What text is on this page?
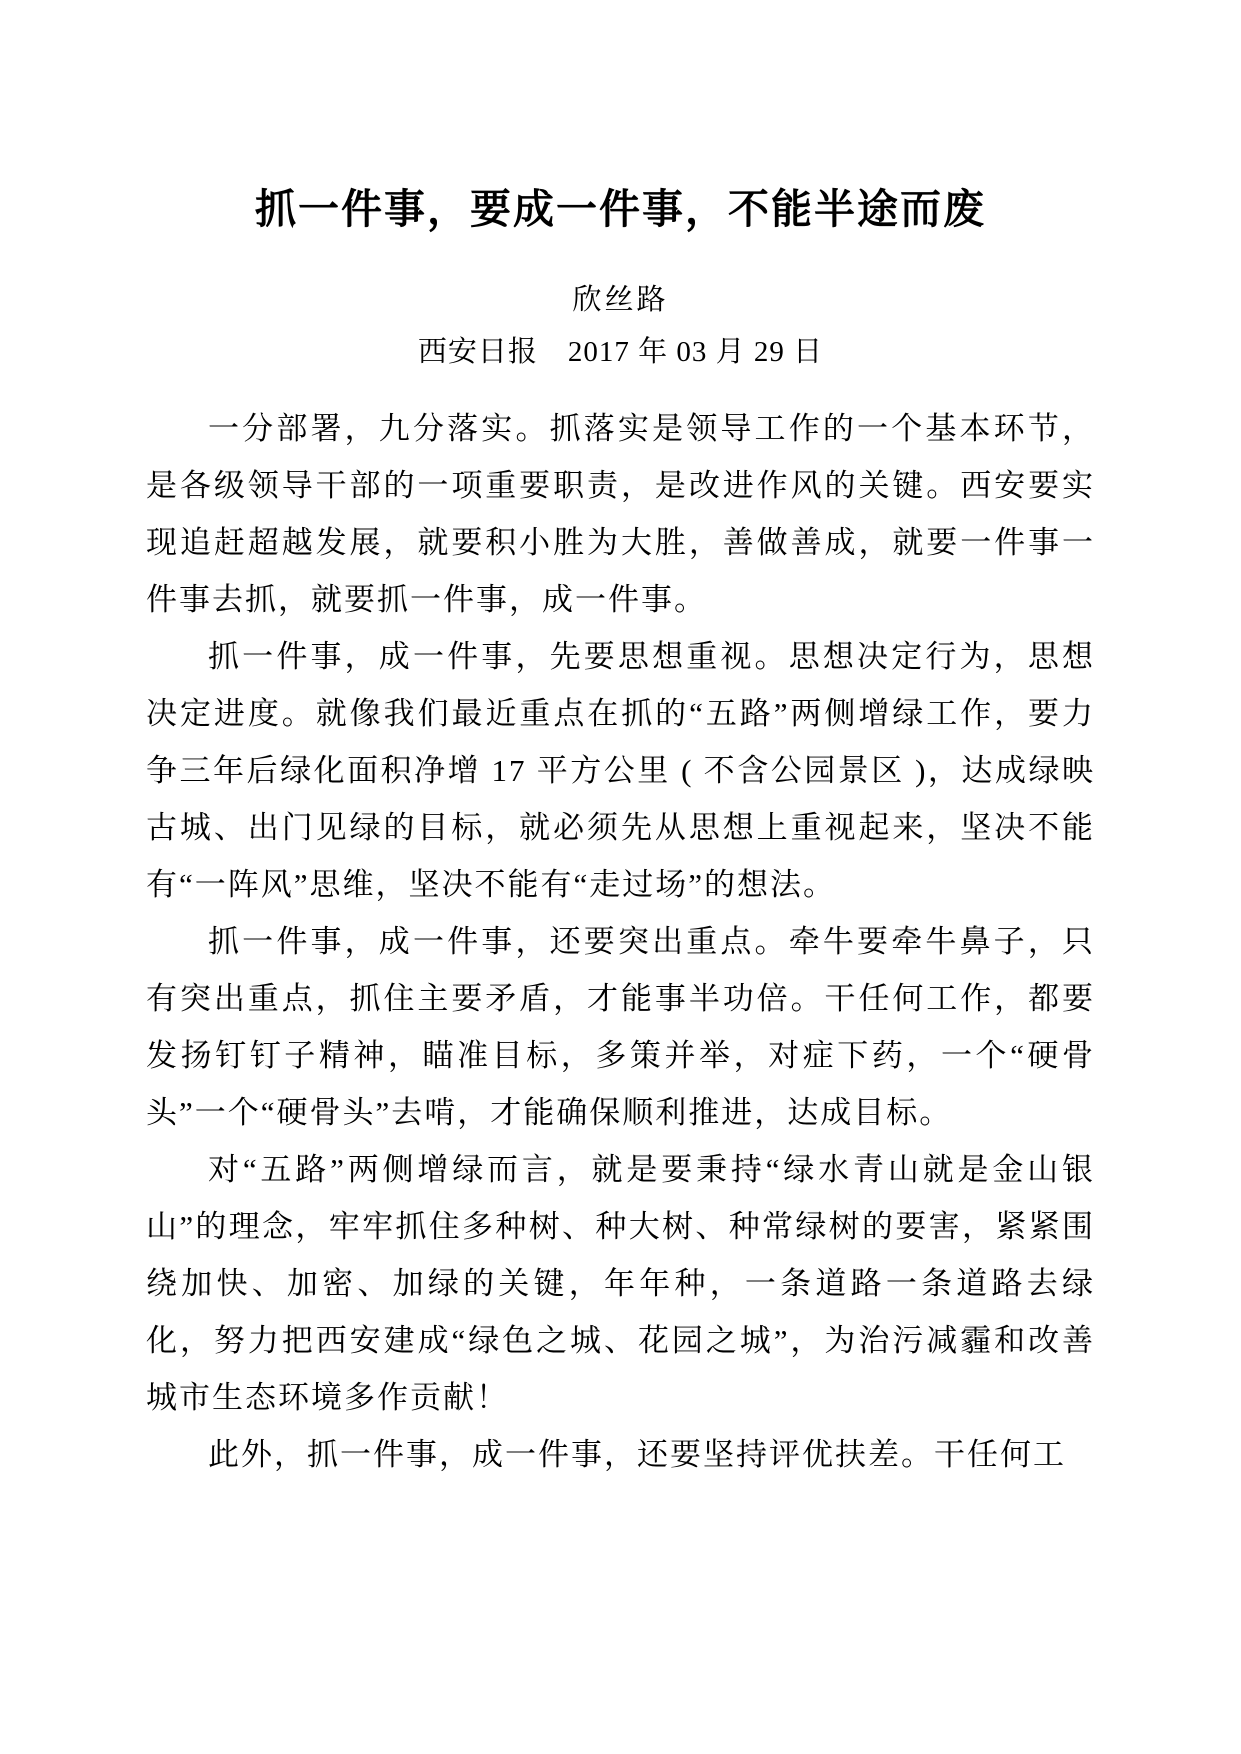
抓一件事，要成一件事，不能半途而废

欣丝路

西安日报　2017 年 03 月 29 日

一分部署，九分落实。抓落实是领导工作的一个基本环节，是各级领导干部的一项重要职责，是改进作风的关键。西安要实现追赶超越发展，就要积小胜为大胜，善做善成，就要一件事一件事去抓，就要抓一件事，成一件事。

抓一件事，成一件事，先要思想重视。思想决定行为，思想决定进度。就像我们最近重点在抓的“五路”两侧增绿工作，要力争三年后绿化面积净增 17 平方公里 ( 不含公园景区 )，达成绿映古城、出门见绿的目标，就必须先从思想上重视起来，坚决不能有“一阵风”思维，坚决不能有“走过场”的想法。

抓一件事，成一件事，还要突出重点。牵牛要牵牛鼻子，只有突出重点，抓住主要矛盾，才能事半功倍。干任何工作，都要发扬钉钉子精神，瞄准目标，多策并举，对症下药，一个“硬骨头”一个“硬骨头”去啃，才能确保顺利推进，达成目标。

对“五路”两侧增绿而言，就是要秉持“绿水青山就是金山银山”的理念，牢牢抓住多种树、种大树、种常绿树的要害，紧紧围绕加快、加密、加绿的关键，年年种，一条道路一条道路去绿化，努力把西安建成“绿色之城、花园之城”，为治污减霾和改善城市生态环境多作贡献！

此外，抓一件事，成一件事，还要坚持评优扶差。干任何工
